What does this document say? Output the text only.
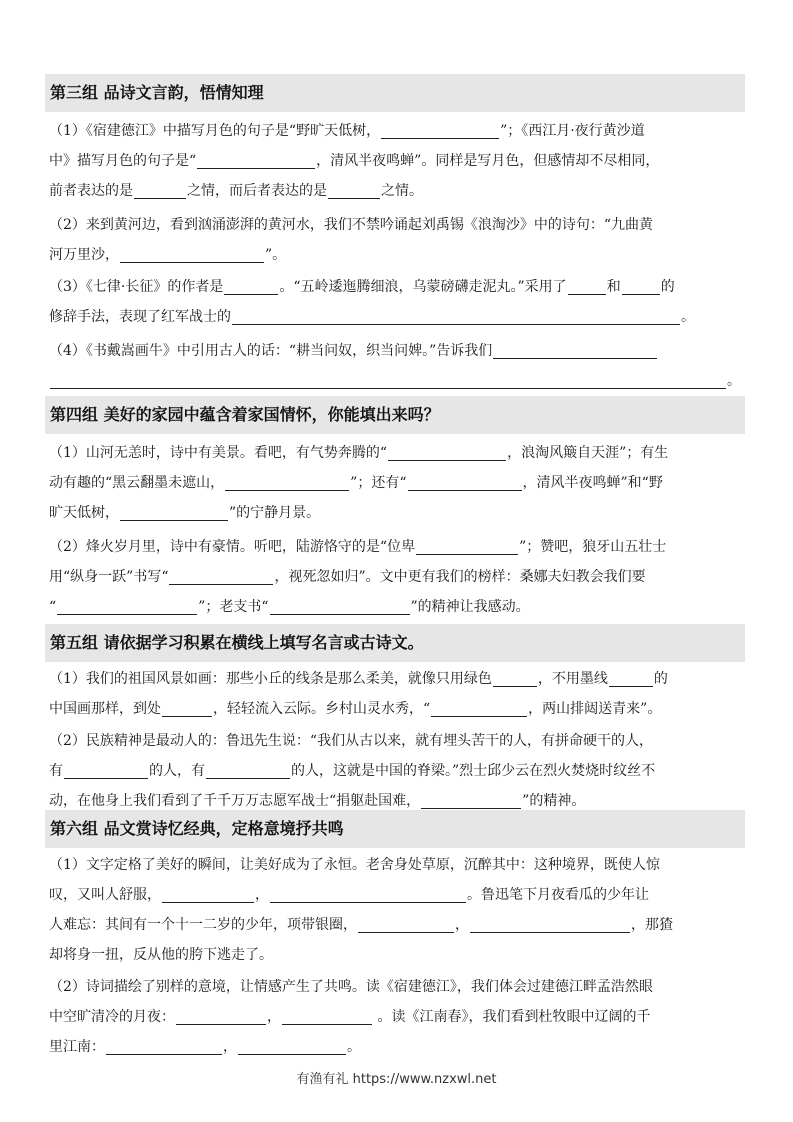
第三组 品诗文言韵，悟情知理
（1）《宿建德江》中描写月色的句子是“野旷天低树，	”；《西江月·夜行黄沙道
中》描写月色的句子是“	，清风半夜鸣蝉”。同样是写月色，但感情却不尽相同，
前者表达的是	之情，而后者表达的是	之情。
（2）来到黄河边，看到汹涌澎湃的黄河水，我们不禁吟诵起刘禹锡《浪淘沙》中的诗句：“九曲黄
河万里沙，	”。
（3）《七律·长征》的作者是	。“五岭逶迤腾细浪，乌蒙磅礴走泥丸。”采用了	和	的
修辞手法，表现了红军战士的	。
（4）《书戴嵩画牛》中引用古人的话：“耕当问奴，织当问婢。”告诉我们
。
第四组 美好的家园中蕴含着家国情怀，你能填出来吗？
（1）山河无恙时，诗中有美景。看吧，有气势奔腾的“	，浪淘风簸自天涯”；有生
动有趣的“黑云翻墨未遮山，	”；还有“	，清风半夜鸣蝉”和“野
旷天低树，	”的宁静月景。
（2）烽火岁月里，诗中有豪情。听吧，陆游恪守的是“位卑	”；赞吧，狼牙山五壮士
用“纵身一跃”书写“	，视死忽如归”。文中更有我们的榜样：桑娜夫妇教会我们要
“	”；老支书“	”的精神让我感动。
第五组 请依据学习积累在横线上填写名言或古诗文。
（1）我们的祖国风景如画：那些小丘的线条是那么柔美，就像只用绿色	，不用墨线	的
中国画那样，到处	，轻轻流入云际。乡村山灵水秀，“	，两山排闼送青来”。
（2）民族精神是最动人的：鲁迅先生说：“我们从古以来，就有埋头苦干的人，有拼命硬干的人，
有	的人，有	的人，这就是中国的脊梁。”烈士邱少云在烈火焚烧时纹丝不
动，在他身上我们看到了千千万万志愿军战士“捐躯赴国难，	”的精神。
第六组 品文赏诗忆经典，定格意境抒共鸣
（1）文字定格了美好的瞬间，让美好成为了永恒。老舍身处草原，沉醉其中：这种境界，既使人惊
叹，又叫人舒服，	，	。鲁迅笔下月夜看瓜的少年让
人难忘：其间有一个十一二岁的少年，项带银圈，	，	，那猹
却将身一扭，反从他的胯下逃走了。
（2）诗词描绘了别样的意境，让情感产生了共鸣。读《宿建德江》，我们体会过建德江畔孟浩然眼
中空旷清冷的月夜：	，	。读《江南春》，我们看到杜牧眼中辽阔的千
里江南：	，	。
有渔有礼 https://www.nzxwl.net
